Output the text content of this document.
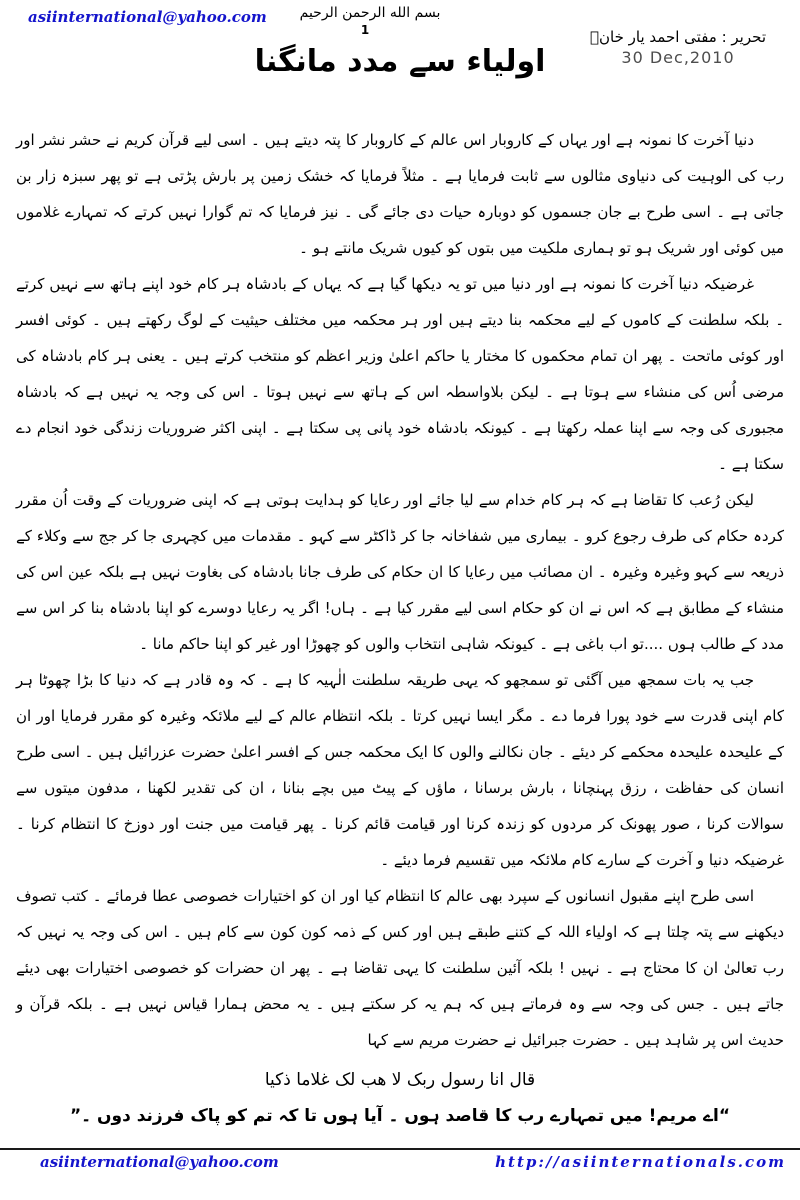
asiinternational@yahoo.com	بسم الله الرحمن الرحيم
1	تحریر : مفتی احمد یار خانؒ
30 Dec,2010
اولیاء سے مدد مانگنا

دنیا آخرت کا نمونہ ہے اور یہاں کے کاروبار اس عالم کے کاروبار کا پتہ دیتے ہیں ۔ اسی لیے قرآن کریم نے حشر نشر اور رب کی الوہیت کی دنیاوی مثالوں سے ثابت فرمایا ہے ۔ مثلاً فرمایا کہ خشک زمین پر بارش پڑتی ہے تو پھر سبزہ زار بن جاتی ہے ۔ اسی طرح بے جان جسموں کو دوبارہ حیات دی جائے گی ۔ نیز فرمایا کہ تم گوارا نہیں کرتے کہ تمہارے غلاموں میں کوئی اور شریک ہو تو ہماری ملکیت میں بتوں کو کیوں شریک مانتے ہو ۔

غرضیکہ دنیا آخرت کا نمونہ ہے اور دنیا میں تو یہ دیکھا گیا ہے کہ یہاں کے بادشاہ ہر کام خود اپنے ہاتھ سے نہیں کرتے ۔ بلکہ سلطنت کے کاموں کے لیے محکمہ بنا دیتے ہیں اور ہر محکمہ میں مختلف حیثیت کے لوگ رکھتے ہیں ۔ کوئی افسر اور کوئی ماتحت ۔ پھر ان تمام محکموں کا مختار یا حاکم اعلیٰ وزیر اعظم کو منتخب کرتے ہیں ۔ یعنی ہر کام بادشاہ کی مرضی اُس کی منشاء سے ہوتا ہے ۔ لیکن بلاواسطہ اس کے ہاتھ سے نہیں ہوتا ۔ اس کی وجہ یہ نہیں ہے کہ بادشاہ مجبوری کی وجہ سے اپنا عملہ رکھتا ہے ۔ کیونکہ بادشاہ خود پانی پی سکتا ہے ۔ اپنی اکثر ضروریات زندگی خود انجام دے سکتا ہے ۔

لیکن رُعب کا تقاضا ہے کہ ہر کام خدام سے لیا جائے اور رعایا کو ہدایت ہوتی ہے کہ اپنی ضروریات کے وقت اُن مقرر کردہ حکام کی طرف رجوع کرو ۔ بیماری میں شفاخانہ جا کر ڈاکٹر سے کہو ۔ مقدمات میں کچہری جا کر جج سے وکلاء کے ذریعہ سے کہو وغیرہ وغیرہ ۔ ان مصائب میں رعایا کا ان حکام کی طرف جانا بادشاہ کی بغاوت نہیں ہے بلکہ عین اس کی منشاء کے مطابق ہے کہ اس نے ان کو حکام اسی لیے مقرر کیا ہے ۔ ہاں! اگر یہ رعایا دوسرے کو اپنا بادشاہ بنا کر اس سے مدد کے طالب ہوں ....تو اب باغی ہے ۔ کیونکہ شاہی انتخاب والوں کو چھوڑا اور غیر کو اپنا حاکم مانا ۔

جب یہ بات سمجھ میں آگئی تو سمجھو کہ یہی طریقہ سلطنت الٰہیہ کا ہے ۔ کہ وہ قادر ہے کہ دنیا کا بڑا چھوٹا ہر کام اپنی قدرت سے خود پورا فرما دے ۔ مگر ایسا نہیں کرتا ۔ بلکہ انتظام عالم کے لیے ملائکہ وغیرہ کو مقرر فرمایا اور ان کے علیحدہ علیحدہ محکمے کر دیئے ۔ جان نکالنے والوں کا ایک محکمہ جس کے افسر اعلیٰ حضرت عزرائیل ہیں ۔ اسی طرح انسان کی حفاظت ، رزق پہنچانا ، بارش برسانا ، ماؤں کے پیٹ میں بچے بنانا ، ان کی تقدیر لکھنا ، مدفون میتوں سے سوالات کرنا ، صور پھونک کر مردوں کو زندہ کرنا اور قیامت قائم کرنا ۔ پھر قیامت میں جنت اور دوزخ کا انتظام کرنا ۔ غرضیکہ دنیا و آخرت کے سارے کام ملائکہ میں تقسیم فرما دیئے ۔

اسی طرح اپنے مقبول انسانوں کے سپرد بھی عالم کا انتظام کیا اور ان کو اختیارات خصوصی عطا فرمائے ۔ کتب تصوف دیکھنے سے پتہ چلتا ہے کہ اولیاء اللہ کے کتنے طبقے ہیں اور کس کے ذمہ کون کون سے کام ہیں ۔ اس کی وجہ یہ نہیں کہ رب تعالیٰ ان کا محتاج ہے ۔ نہیں ! بلکہ آئین سلطنت کا یہی تقاضا ہے ۔ پھر ان حضرات کو خصوصی اختیارات بھی دیئے جاتے ہیں ۔ جس کی وجہ سے وہ فرماتے ہیں کہ ہم یہ کر سکتے ہیں ۔ یہ محض ہمارا قیاس نہیں ہے ۔ بلکہ قرآن و حدیث اس پر شاہد ہیں ۔ حضرت جبرائیل نے حضرت مریم سے کہا

قال انا رسول ربک لا ھب لک غلاما ذکیا

“اے مریم! میں تمہارے رب کا قاصد ہوں ۔ آیا ہوں تا کہ تم کو پاک فرزند دوں ۔”

asiinternational@yahoo.com	http://asiinternationals.com
